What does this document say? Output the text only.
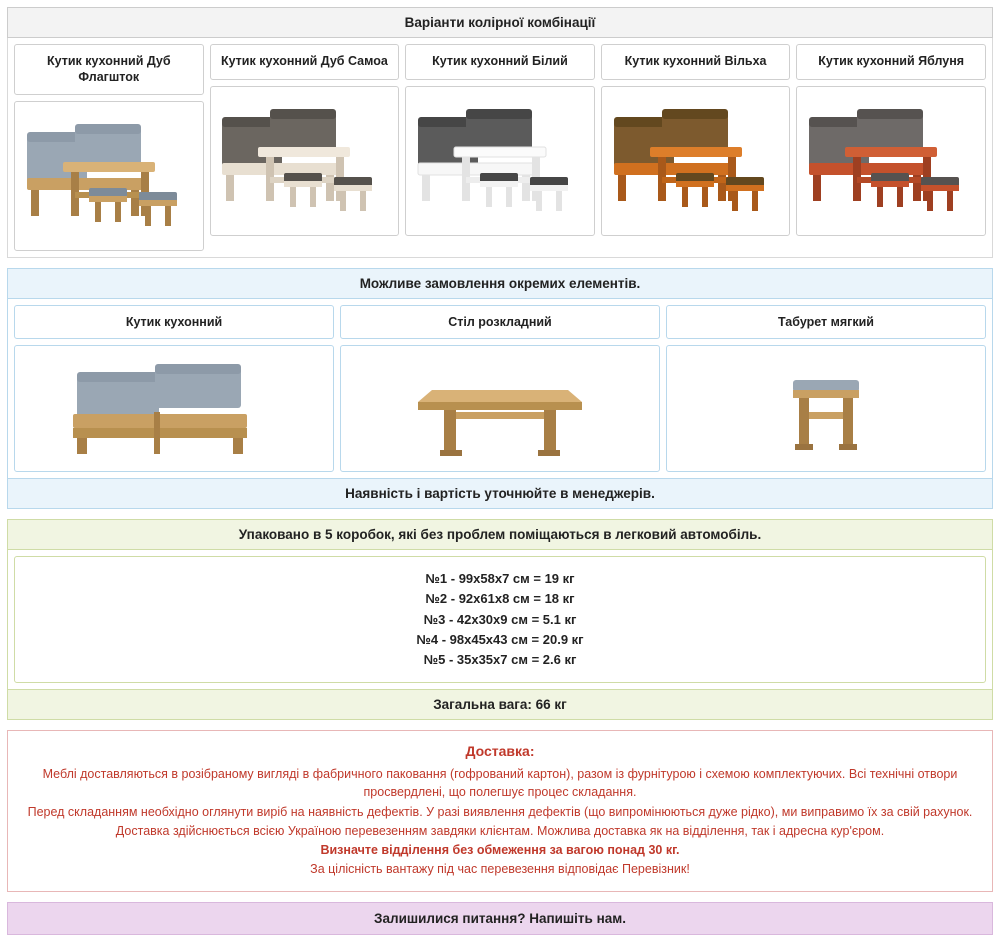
Варіанти колірної комбінації
Кутик кухонний Дуб Флагшток
Кутик кухонний Дуб Самоа	Кутик кухонний Білий	Кутик кухонний Вільха	Кутик кухонний Яблуня
Можливе замовлення окремих елементів.
Кутик кухонний	Стіл розкладний	Табурет мягкий
Наявність і вартість уточнюйте в менеджерів.
Упаковано в 5 коробок, які без проблем поміщаються в легковий автомобіль.
№1 - 99х58х7 см = 19 кг
№2 - 92х61х8 см = 18 кг
№3 - 42х30х9 см = 5.1 кг
№4 - 98х45х43 см = 20.9 кг
№5 - 35х35х7 см = 2.6 кг
Загальна вага: 66 кг
Доставка:

Меблі доставляються в розібраному вигляді в фабричного паковання (гофрований картон), разом із фурнітурою і схемою комплектуючих. Всі технічні отвори просвердлені, що полегшує процес складання.

Перед складанням необхідно оглянути виріб на наявність дефектів. У разі виявлення дефектів (що випромінюються дуже рідко), ми виправимо їх за свій рахунок.

Доставка здійснюється всією Україною перевезенням завдяки клієнтам. Можлива доставка як на відділення, так і адресна кур'єром.

Визначте відділення без обмеження за вагою понад 30 кг.

За цілісність вантажу під час перевезення відповідає Перевізник!

Залишилися питання? Напишіть нам.
